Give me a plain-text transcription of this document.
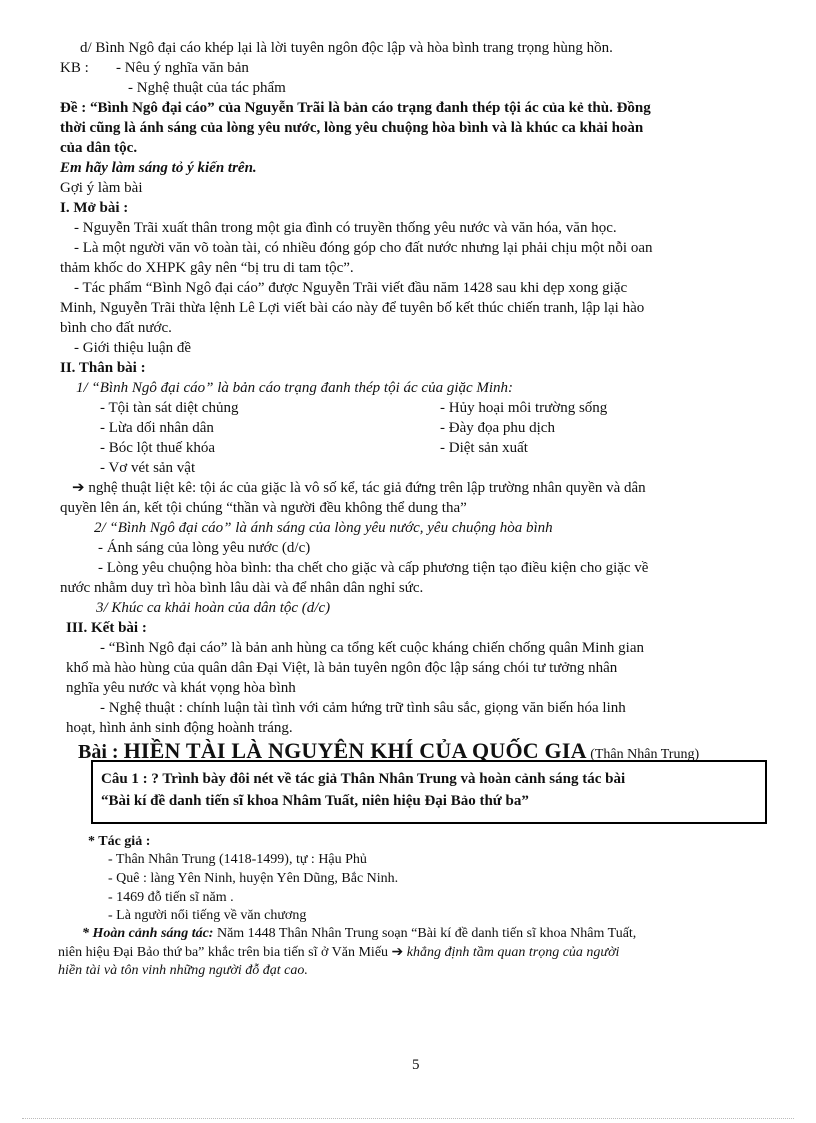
d/ Bình Ngô đại cáo khép lại là lời tuyên ngôn độc lập và hòa bình trang trọng hùng hồn.
KB : - Nêu ý nghĩa văn bản
- Nghệ thuật của tác phẩm
Đề : “Bình Ngô đại cáo” của Nguyễn Trãi là bản cáo trạng đanh thép tội ác của kẻ thù. Đồng
thời cũng là ánh sáng của lòng yêu nước, lòng yêu chuộng hòa bình và là khúc ca khải hoàn
của dân tộc.
Em hãy làm sáng tỏ ý kiến trên.
Gợi ý làm bài
I. Mở bài :
- Nguyễn Trãi xuất thân trong một gia đình có truyền thống yêu nước và văn hóa, văn học.
- Là một người văn võ toàn tài, có nhiều đóng góp cho đất nước nhưng lại phải chịu một nỗi oan
thảm khốc do XHPK gây nên “bị tru di tam tộc”.
- Tác phẩm “Bình Ngô đại cáo” được Nguyễn Trãi viết đầu năm 1428 sau khi dẹp xong giặc
Minh, Nguyễn Trãi thừa lệnh Lê Lợi viết bài cáo này để tuyên bố kết thúc chiến tranh, lập lại hào
bình cho đất nước.
- Giới thiệu luận đề
II. Thân bài :
1/ “Bình Ngô đại cáo” là bản cáo trạng đanh thép tội ác của giặc Minh:
- Tội tàn sát diệt chủng
- Lừa dối nhân dân
- Bóc lột thuế khóa
- Vơ vét sản vật
- Hủy hoại môi trường sống
- Đày đọa phu dịch
- Diệt sản xuất
➔ nghệ thuật liệt kê: tội ác của giặc là vô số kể, tác giả đứng trên lập trường nhân quyền và dân
quyền lên án, kết tội chúng “thần và người đều không thể dung tha”
2/ “Bình Ngô đại cáo” là ánh sáng của lòng yêu nước, yêu chuộng hòa bình
- Ánh sáng của lòng yêu nước (d/c)
- Lòng yêu chuộng hòa bình: tha chết cho giặc và cấp phương tiện tạo điều kiện cho giặc về
nước nhằm duy trì hòa bình lâu dài và để nhân dân nghỉ sức.
3/ Khúc ca khải hoàn của dân tộc (d/c)
III. Kết bài :
- “Bình Ngô đại cáo” là bản anh hùng ca tổng kết cuộc kháng chiến chống quân Minh gian
khổ mà hào hùng của quân dân Đại Việt, là bản tuyên ngôn độc lập sáng chói tư tưởng nhân
nghĩa yêu nước và khát vọng hòa bình
- Nghệ thuật : chính luận tài tình với cảm hứng trữ tình sâu sắc, giọng văn biến hóa linh
hoạt, hình ảnh sinh động hoành tráng.
Bài : HIỀN TÀI LÀ NGUYÊN KHÍ CỦA QUỐC GIA (Thân Nhân Trung)
Câu 1 : ? Trình bày đôi nét về tác giả Thân Nhân Trung và hoàn cảnh sáng tác bài
“Bài kí đề danh tiến sĩ khoa Nhâm Tuất, niên hiệu Đại Bảo thứ ba”
* Tác giả :
- Thân Nhân Trung (1418-1499), tự : Hậu Phủ
- Quê : làng Yên Ninh, huyện Yên Dũng, Bắc Ninh.
- 1469 đỗ tiến sĩ năm .
- Là người nổi tiếng về văn chương
* Hoàn cảnh sáng tác: Năm 1448 Thân Nhân Trung soạn “Bài kí đề danh tiến sĩ khoa Nhâm Tuất,
niên hiệu Đại Bảo thứ ba” khắc trên bia tiến sĩ ở Văn Miếu ➔ khẳng định tầm quan trọng của người
hiền tài và tôn vinh những người đỗ đạt cao.
5
